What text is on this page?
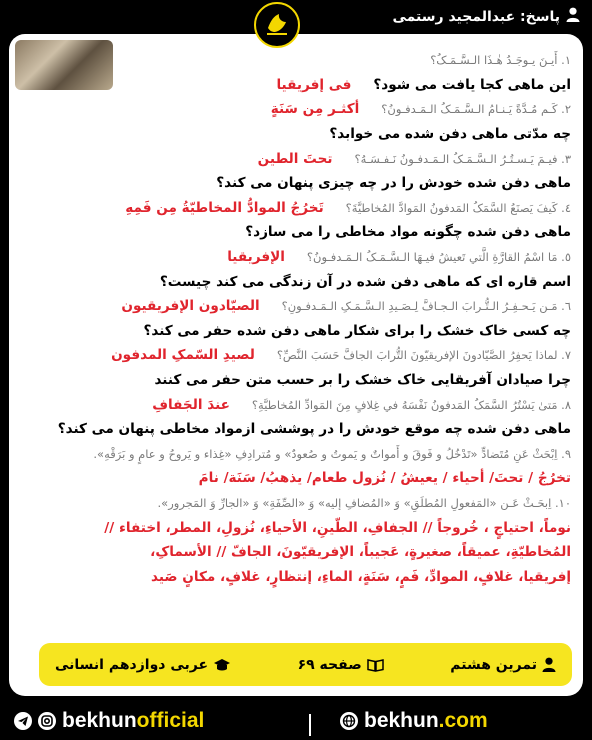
پاسخ: عبدالمجید رستمی
۱. أَیـنَ یـوجَـدُ هٰـذَا الـسَّـمَـکُ؟
این ماهی کجا یافت می شود؟
فی إفریقیا
۲. کَـم مُـدَّةً یَـنـامُ الـسَّـمَـکُ الـمَـدفـونُ؟
أکثـر مِن سَنَةٍ
چه مدّتی ماهی دفن شده می خوابد؟
۳. فیـمَ یَـسـتُـرُ الـسَّـمَـکُ الـمَـدفـونُ نَـفـسَـهُ؟
تحتَ الطین
ماهی دفن شده خودش را در چه چیزی پنهان می کند؟
٤. کَیفَ یَصنَعُ السَّمَکُ المَدفونُ المَوادَّ المُخاطیَّةَ؟
تَخرُجُ الموادُّ المخاطیّةُ مِن فَمِهِ
ماهی دفن شده چگونه مواد مخاطی را می سازد؟
٥. مَا اسْمُ القارَّةِ الَّتي تَعیشُ فیـهَا الـسَّـمَـکُ الـمَـدفـونُ؟
الإفریقیا
اسم قاره ای که ماهی دفن شده در آن زندگی می کند چیست؟
٦. مَـن یَـحـفِـرُ الـتُّـرابَ الـجـافَّ لِـصَـیدِ الـسَّـمَـکِ الـمَـدفـونِ؟
الصیّادون الإفریقیون
چه کسی خاک خشک را برای شکار ماهی دفن شده حفر می کند؟
٧. لماذا یَحفِرُ الصَّیّادونَ الإفریقیّونَ التُّرابَ الجافَّ حَسَبَ النَّصِّ؟
لصیدِ السّمکِ المدفون
چرا صیادان آفریقایی خاک خشک را بر حسب متن حفر می کنند
٨. مَتیٰ یَسْتُرُ السَّمَکُ المَدفونُ نَفْسَهُ في غِلافٍ مِنَ المَوادِّ المُخاطیَّةِ؟
عندَ الجَفافِ
ماهی دفن شده چه موقع خودش را در پوششی ازمواد مخاطی پنهان می کند؟
٩. اِبْحَثْ عَنِ مُتَضادٍّ «تَدْخُلُ و فَوقَ و أَمواتٌ و یَموتُ و صُعودٌ» و مُترادِفِ «غِذاء و یَروحُ و عامٍ و بَرَقْهِ».
تخرُجُ / تحتَ/ أحیاء / یعیشُ / نُزول طعام/ یذهبُ/ سَنَة/ نامَ
١٠. اِبحَـثْ عَـن «المَفعولِ المُطلَقِ» وَ «المُضافِ إلیه» وَ «الصِّفَةِ» وَ «الجارِّ وَ المَجرور».
نوماً، احتیاجٍ ، خُروجاً // الجفافِ، الطّینِ، الأحیاءِ، نُزولِ، المطر، اختفاء //
المُخاطیّةِ، عمیقاً، صغیرةٍ، عَجیباً، الإفریقیّونَ، الجافّ // الأسماکِ،
إفریقیا، غلافٍ، الموادِّ، فَمٍ، سَنَةٍ، الماءِ، إنتظارٍ، غلافٍ، مکانٍ صَید
تمرین هشتم
صفحه ۶۹
عربی دوازدهم انسانی
bekhunofficial	bekhun.com
